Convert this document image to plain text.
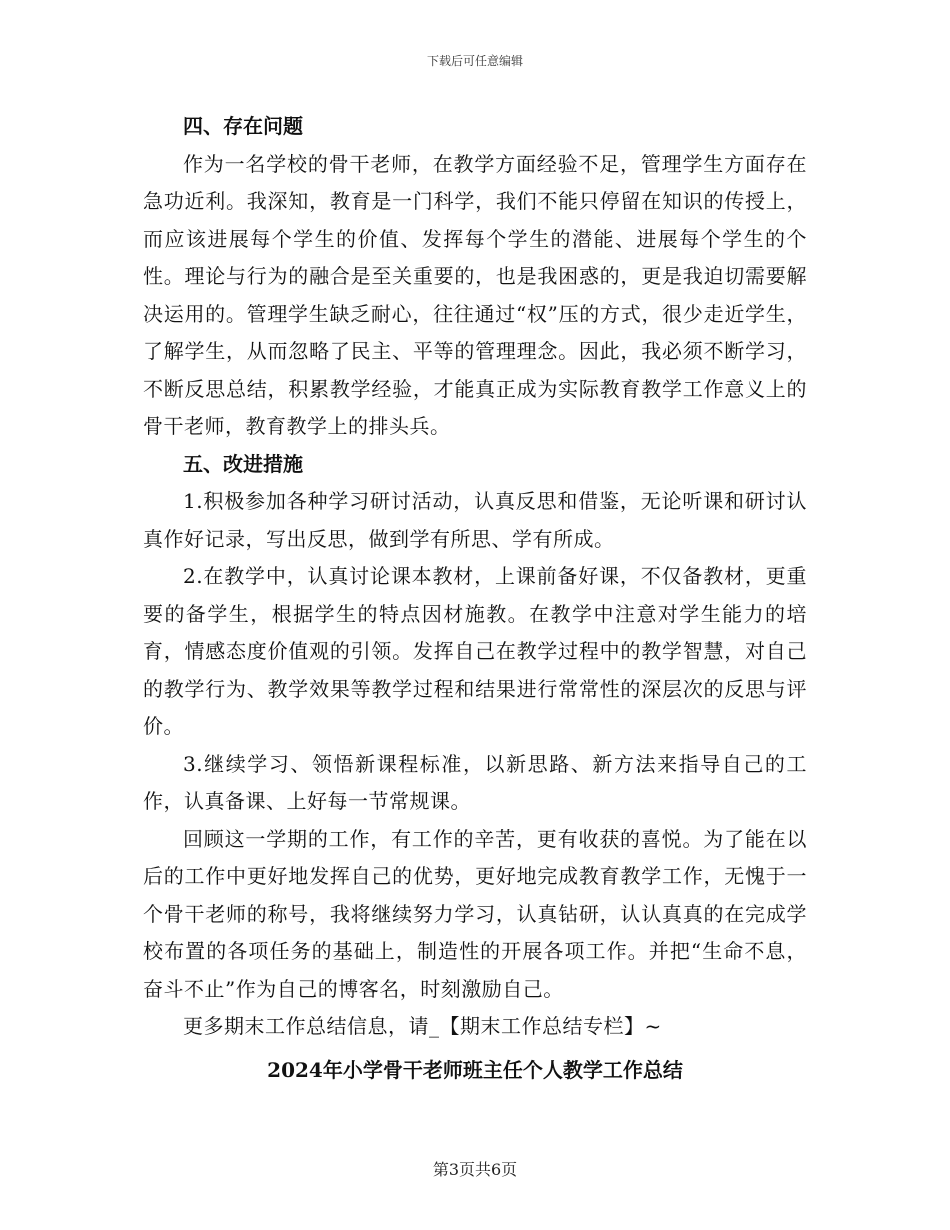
下载后可任意编辑

四、存在问题

作为一名学校的骨干老师，在教学方面经验不足，管理学生方面存在急功近利。我深知，教育是一门科学，我们不能只停留在知识的传授上，而应该进展每个学生的价值、发挥每个学生的潜能、进展每个学生的个性。理论与行为的融合是至关重要的，也是我困惑的，更是我迫切需要解决运用的。管理学生缺乏耐心，往往通过“权”压的方式，很少走近学生，了解学生，从而忽略了民主、平等的管理理念。因此，我必须不断学习，不断反思总结，积累教学经验，才能真正成为实际教育教学工作意义上的骨干老师，教育教学上的排头兵。

五、改进措施

1.积极参加各种学习研讨活动，认真反思和借鉴，无论听课和研讨认真作好记录，写出反思，做到学有所思、学有所成。

2.在教学中，认真讨论课本教材，上课前备好课，不仅备教材，更重要的备学生，根据学生的特点因材施教。在教学中注意对学生能力的培育，情感态度价值观的引领。发挥自己在教学过程中的教学智慧，对自己的教学行为、教学效果等教学过程和结果进行常常性的深层次的反思与评价。

3.继续学习、领悟新课程标准，以新思路、新方法来指导自己的工作，认真备课、上好每一节常规课。

回顾这一学期的工作，有工作的辛苦，更有收获的喜悦。为了能在以后的工作中更好地发挥自己的优势，更好地完成教育教学工作，无愧于一个骨干老师的称号，我将继续努力学习，认真钻研，认认真真的在完成学校布置的各项任务的基础上，制造性的开展各项工作。并把“生命不息，奋斗不止”作为自己的博客名，时刻激励自己。

更多期末工作总结信息，请_【期末工作总结专栏】~

2024年小学骨干老师班主任个人教学工作总结

第3页共6页
